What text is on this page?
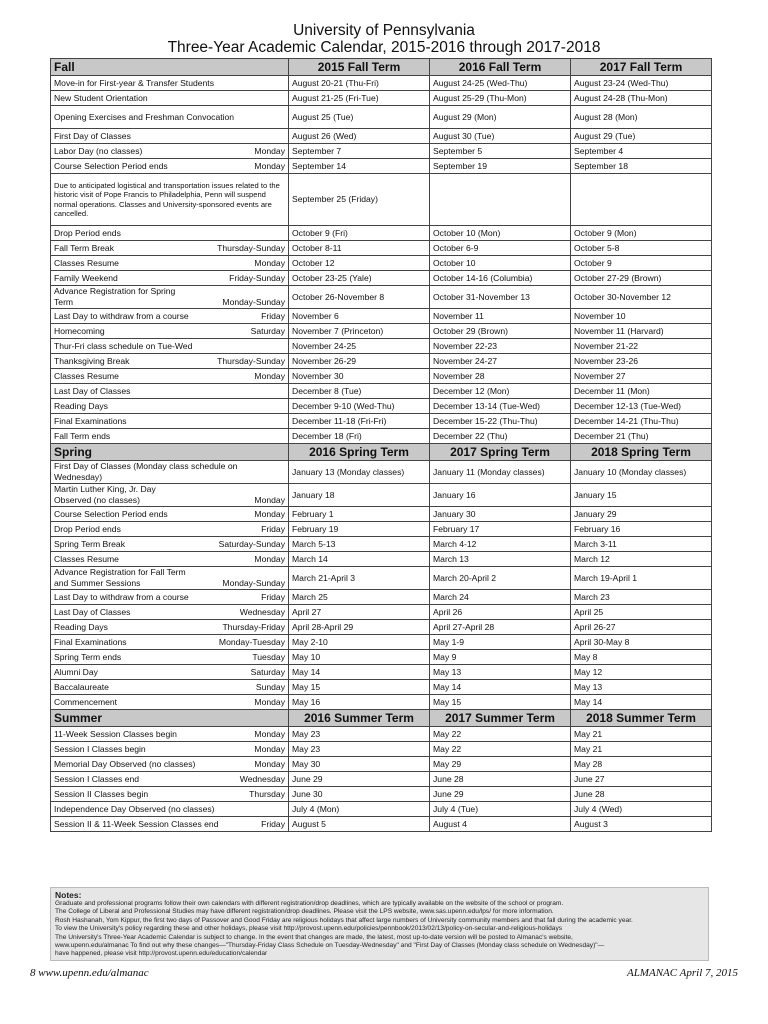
University of Pennsylvania
Three-Year Academic Calendar, 2015-2016 through 2017-2018
Fall	2015 Fall Term	2016 Fall Term	2017 Fall Term

Move-in for First-year & Transfer Students	August 20-21 (Thu-Fri)	August 24-25 (Wed-Thu)	August 23-24 (Wed-Thu)

New Student Orientation	August 21-25 (Fri-Tue)	August 25-29 (Thu-Mon)	August 24-28 (Thu-Mon)

Opening Exercises and Freshman Convocation	August 25 (Tue)	August 29 (Mon)	August 28 (Mon)

First Day of Classes	August 26 (Wed)	August 30 (Tue)	August 29 (Tue)

Labor Day (no classes) Monday	September 7	September 5	September 4

Course Selection Period ends Monday	September 14	September 19	September 18

Due to anticipated logistical and transportation issues related to the historic visit of Pope Francis to Philadelphia, Penn will suspend normal operations. Classes and University-sponsored events are cancelled.	September 25 (Friday)		

Drop Period ends	October 9 (Fri)	October 10 (Mon)	October 9 (Mon)

Fall Term Break Thursday-Sunday	October 8-11	October 6-9	October 5-8

Classes Resume Monday	October 12	October 10	October 9

Family Weekend Friday-Sunday	October 23-25 (Yale)	October 14-16 (Columbia)	October 27-29 (Brown)

Advance Registration for Spring Term Monday-Sunday	October 26-November 8	October 31-November 13	October 30-November 12

Last Day to withdraw from a course Friday	November 6	November 11	November 10

Homecoming Saturday	November 7 (Princeton)	October 29 (Brown)	November 11 (Harvard)

Thur-Fri class schedule on Tue-Wed	November 24-25	November 22-23	November 21-22

Thanksgiving Break Thursday-Sunday	November 26-29	November 24-27	November 23-26

Classes Resume Monday	November 30	November 28	November 27

Last Day of Classes	December 8 (Tue)	December 12 (Mon)	December 11 (Mon)

Reading Days	December 9-10 (Wed-Thu)	December 13-14 (Tue-Wed)	December 12-13 (Tue-Wed)

Final Examinations	December 11-18 (Fri-Fri)	December 15-22 (Thu-Thu)	December 14-21 (Thu-Thu)

Fall Term ends	December 18 (Fri)	December 22 (Thu)	December 21 (Thu)
Spring	2016 Spring Term	2017 Spring Term	2018 Spring Term

First Day of Classes (Monday class schedule on Wednesday)	January 13 (Monday classes)	January 11 (Monday classes)	January 10 (Monday classes)

Martin Luther King, Jr. Day Observed (no classes) Monday	January 18	January 16	January 15

Course Selection Period ends Monday	February 1	January 30	January 29

Drop Period ends Friday	February 19	February 17	February 16

Spring Term Break Saturday-Sunday	March 5-13	March 4-12	March 3-11

Classes Resume Monday	March 14	March 13	March 12

Advance Registration for Fall Term and Summer Sessions Monday-Sunday	March 21-April 3	March 20-April 2	March 19-April 1

Last Day to withdraw from a course Friday	March 25	March 24	March 23

Last Day of Classes Wednesday	April 27	April 26	April 25

Reading Days Thursday-Friday	April 28-April 29	April 27-April 28	April 26-27

Final Examinations Monday-Tuesday	May 2-10	May 1-9	April 30-May 8

Spring Term ends Tuesday	May 10	May 9	May 8

Alumni Day Saturday	May 14	May 13	May 12

Baccalaureate Sunday	May 15	May 14	May 13

Commencement Monday	May 16	May 15	May 14
Summer	2016 Summer Term	2017 Summer Term	2018 Summer Term

11-Week Session Classes begin Monday	May 23	May 22	May 21

Session I Classes begin Monday	May 23	May 22	May 21

Memorial Day Observed (no classes) Monday	May 30	May 29	May 28

Session I Classes end Wednesday	June 29	June 28	June 27

Session II Classes begin Thursday	June 30	June 29	June 28

Independence Day Observed (no classes)	July 4 (Mon)	July 4 (Tue)	July 4 (Wed)

Session II & 11-Week Session Classes end Friday	August 5	August 4	August 3
Notes:
Graduate and professional programs follow their own calendars with different registration/drop deadlines, which are typically available on the website of the school or program.
The College of Liberal and Professional Studies may have different registration/drop deadlines. Please visit the LPS website, www.sas.upenn.edu/lps/ for more information.
Rosh Hashanah, Yom Kippur, the first two days of Passover and Good Friday are religious holidays that affect large numbers of University community members and that fall during the academic year.
To view the University's policy regarding these and other holidays, please visit http://provost.upenn.edu/policies/pennbook/2013/02/13/policy-on-secular-and-religious-holidays
The University's Three-Year Academic Calendar is subject to change. In the event that changes are made, the latest, most up-to-date version will be posted to Almanac's website,
www.upenn.edu/almanac To find out why these changes—"Thursday-Friday Class Schedule on Tuesday-Wednesday" and "First Day of Classes (Monday class schedule on Wednesday)"—
have happened, please visit http://provost.upenn.edu/education/calendar
8 www.upenn.edu/almanac	ALMANAC April 7, 2015
